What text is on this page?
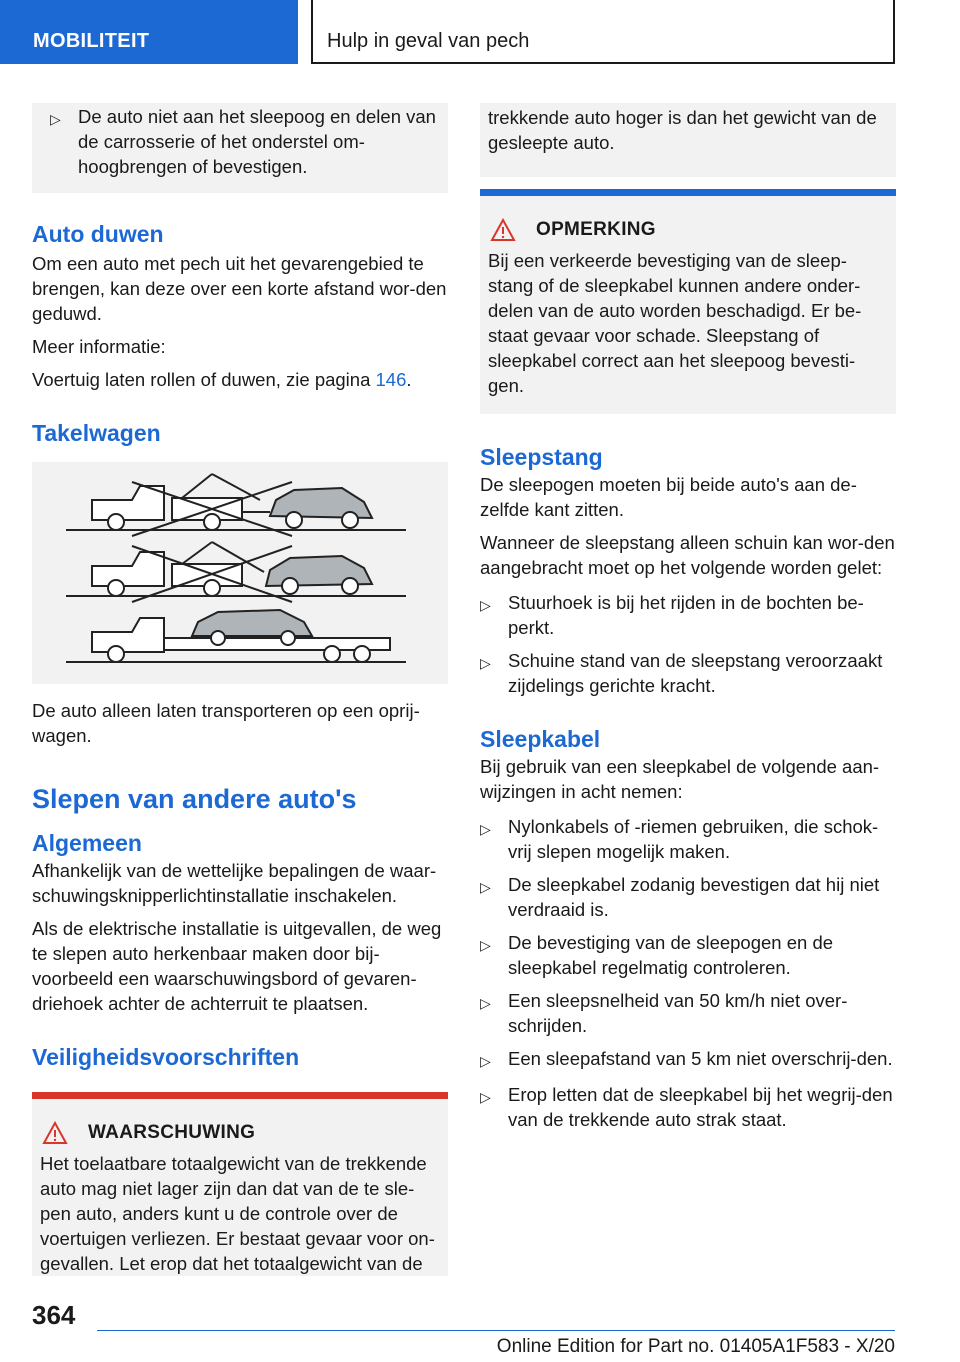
MOBILITEIT	Hulp in geval van pech
▷ De auto niet aan het sleepoog en delen van de carrosserie of het onderstel om-hoogbrengen of bevestigen.
Auto duwen
Om een auto met pech uit het gevarengebied te brengen, kan deze over een korte afstand wor-den geduwd.
Meer informatie:
Voertuig laten rollen of duwen, zie pagina 146.
Takelwagen
De auto alleen laten transporteren op een oprij-wagen.
Slepen van andere auto's
Algemeen
Afhankelijk van de wettelijke bepalingen de waar-schuwingsknipperlichtinstallatie inschakelen.
Als de elektrische installatie is uitgevallen, de weg te slepen auto herkenbaar maken door bij-voorbeeld een waarschuwingsbord of gevaren-driehoek achter de achterruit te plaatsen.
Veiligheidsvoorschriften
WAARSCHUWING
Het toelaatbare totaalgewicht van de trekkende auto mag niet lager zijn dan dat van de te sle-pen auto, anders kunt u de controle over de voertuigen verliezen. Er bestaat gevaar voor on-gevallen. Let erop dat het totaalgewicht van de
trekkende auto hoger is dan het gewicht van de gesleepte auto.
OPMERKING
Bij een verkeerde bevestiging van de sleep-stang of de sleepkabel kunnen andere onder-delen van de auto worden beschadigd. Er be-staat gevaar voor schade. Sleepstang of sleepkabel correct aan het sleepoog bevesti-gen.
Sleepstang
De sleepogen moeten bij beide auto's aan de-zelfde kant zitten.
Wanneer de sleepstang alleen schuin kan wor-den aangebracht moet op het volgende worden gelet:
▷ Stuurhoek is bij het rijden in de bochten be-perkt.
▷ Schuine stand van de sleepstang veroorzaakt zijdelings gerichte kracht.
Sleepkabel
Bij gebruik van een sleepkabel de volgende aan-wijzingen in acht nemen:
▷ Nylonkabels of -riemen gebruiken, die schok-vrij slepen mogelijk maken.
▷ De sleepkabel zodanig bevestigen dat hij niet verdraaid is.
▷ De bevestiging van de sleepogen en de sleepkabel regelmatig controleren.
▷ Een sleepsnelheid van 50 km/h niet over-schrijden.
▷ Een sleepafstand van 5 km niet overschrij-den.
▷ Erop letten dat de sleepkabel bij het wegrij-den van de trekkende auto strak staat.
364
Online Edition for Part no. 01405A1F583 - X/20
